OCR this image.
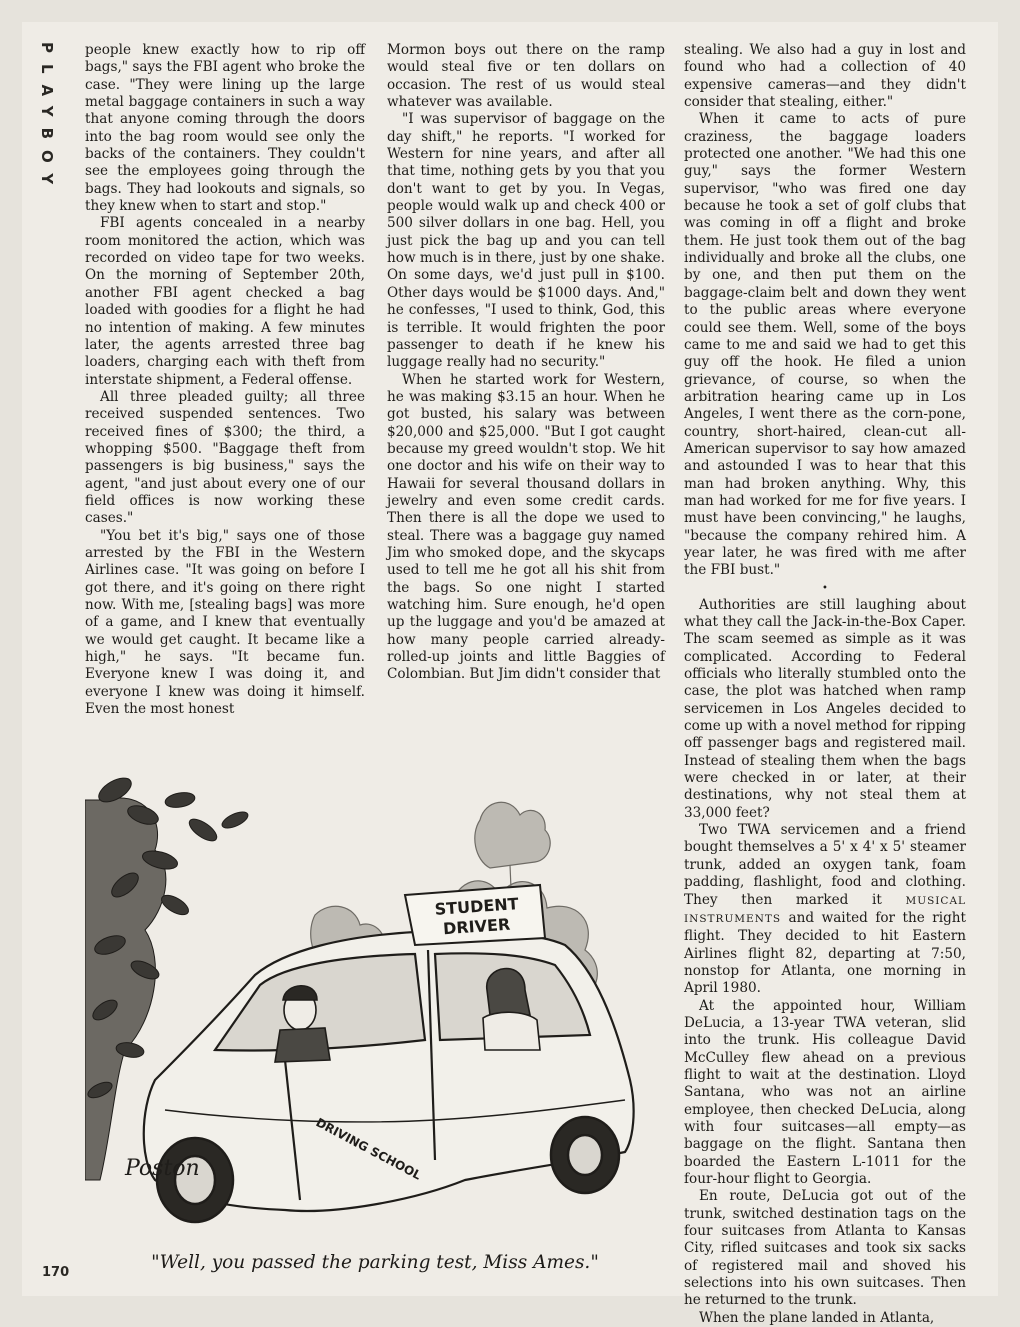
PLAYBOY people knew exactly how to rip off bags," says the FBI agent who broke the case. "They were lining up the large metal baggage containers in such a way that anyone coming through the doors into the bag room would see only the backs of the containers. They couldn't see the employees going through the bags. They had lookouts and signals, so they knew when to start and stop."

FBI agents concealed in a nearby room monitored the action, which was recorded on video tape for two weeks. On the morning of September 20th, another FBI agent checked a bag loaded with goodies for a flight he had no intention of making. A few minutes later, the agents arrested three bag loaders, charging each with theft from interstate shipment, a Federal offense.

All three pleaded guilty; all three received suspended sentences. Two received fines of $300; the third, a whopping $500. "Baggage theft from passengers is big business," says the agent, "and just about every one of our field offices is now working these cases."

"You bet it's big," says one of those arrested by the FBI in the Western Airlines case. "It was going on before I got there, and it's going on there right now. With me, [stealing bags] was more of a game, and I knew that eventually we would get caught. It became like a high," he says. "It became fun. Everyone knew I was doing it, and everyone I knew was doing it himself. Even the most honest

Mormon boys out there on the ramp would steal five or ten dollars on occasion. The rest of us would steal whatever was available.

"I was supervisor of baggage on the day shift," he reports. "I worked for Western for nine years, and after all that time, nothing gets by you that you don't want to get by you. In Vegas, people would walk up and check 400 or 500 silver dollars in one bag. Hell, you just pick the bag up and you can tell how much is in there, just by one shake. On some days, we'd just pull in $100. Other days would be $1000 days. And," he confesses, "I used to think, God, this is terrible. It would frighten the poor passenger to death if he knew his luggage really had no security."

When he started work for Western, he was making $3.15 an hour. When he got busted, his salary was between $20,000 and $25,000. "But I got caught because my greed wouldn't stop. We hit one doctor and his wife on their way to Hawaii for several thousand dollars in jewelry and even some credit cards. Then there is all the dope we used to steal. There was a baggage guy named Jim who smoked dope, and the skycaps used to tell me he got all his shit from the bags. So one night I started watching him. Sure enough, he'd open up the luggage and you'd be amazed at how many people carried already-rolled-up joints and little Baggies of Colombian. But Jim didn't consider that

stealing. We also had a guy in lost and found who had a collection of 40 expensive cameras—and they didn't consider that stealing, either."

When it came to acts of pure craziness, the baggage loaders protected one another. "We had this one guy," says the former Western supervisor, "who was fired one day because he took a set of golf clubs that was coming in off a flight and broke them. He just took them out of the bag individually and broke all the clubs, one by one, and then put them on the baggage-claim belt and down they went to the public areas where everyone could see them. Well, some of the boys came to me and said we had to get this guy off the hook. He filed a union grievance, of course, so when the arbitration hearing came up in Los Angeles, I went there as the corn-pone, country, short-haired, clean-cut all-American supervisor to say how amazed and astounded I was to hear that this man had broken anything. Why, this man had worked for me for five years. I must have been convincing," he laughs, "because the company rehired him. A year later, he was fired with me after the FBI bust."

•

Authorities are still laughing about what they call the Jack-in-the-Box Caper. The scam seemed as simple as it was complicated. According to Federal officials who literally stumbled onto the case, the plot was hatched when ramp servicemen in Los Angeles decided to come up with a novel method for ripping off passenger bags and registered mail. Instead of stealing them when the bags were checked in or later, at their destinations, why not steal them at 33,000 feet?

Two TWA servicemen and a friend bought themselves a 5' x 4' x 5' steamer trunk, added an oxygen tank, foam padding, flashlight, food and clothing. They then marked it MUSICAL INSTRUMENTS and waited for the right flight. They decided to hit Eastern Airlines flight 82, departing at 7:50, nonstop for Atlanta, one morning in April 1980.

At the appointed hour, William DeLucia, a 13-year TWA veteran, slid into the trunk. His colleague David McCulley flew ahead on a previous flight to wait at the destination. Lloyd Santana, who was not an airline employee, then checked DeLucia, along with four suitcases—all empty—as baggage on the flight. Santana then boarded the Eastern L-1011 for the four-hour flight to Georgia.

En route, DeLucia got out of the trunk, switched destination tags on the four suitcases from Atlanta to Kansas City, rifled suitcases and took six sacks of registered mail and shoved his selections into his own suitcases. Then he returned to the trunk.

When the plane landed in Atlanta,

STUDENT
DRIVER
DRIVING SCHOOL
Poston
"Well, you passed the parking test, Miss Ames."
170
